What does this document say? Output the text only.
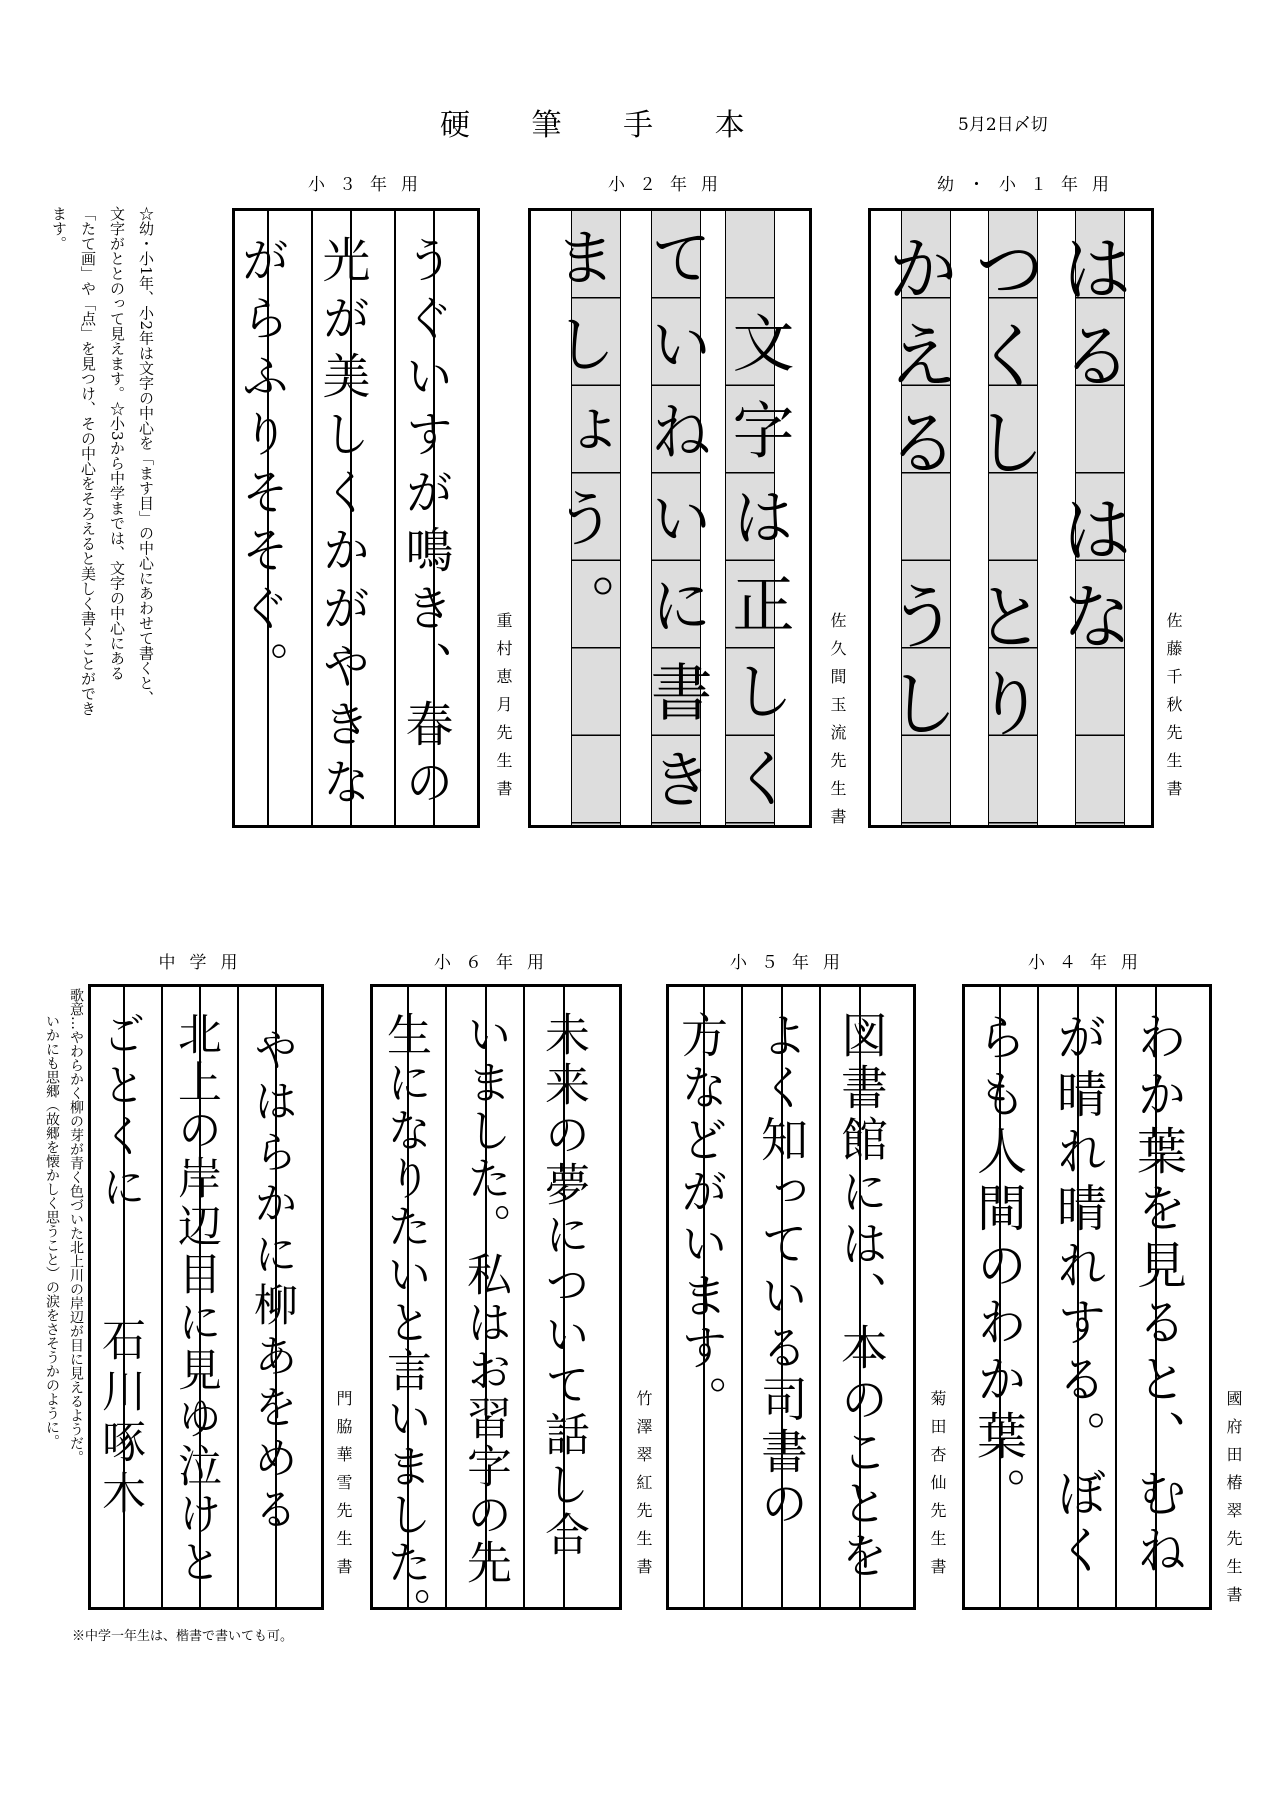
硬 筆 手 本	5月2日〆切
☆幼・小1年、小2年は文字の中心を「ます目」の中心にあわせて書くと、
文字がととのって見えます。☆小3から中学までは、文字の中心にある
「たて画」や「点」を見つけ、その中心をそろえると美しく書くことができ
ます。
幼・小１年用
はる　はな
つくし　とり
かえる　うし	佐藤千秋先生書
小２年用
文字は正しく
ていねいに書き
ましょう。
佐久間玉流先生書
小３年用
うぐいすが鳴き、春の
光が美しくかがやきな
がらふりそそぐ。
重村恵月先生書
小４年用
わか葉を見ると、むね
が晴れ晴れする。ぼく
らも人間のわか葉。	國府田椿翠先生書
小５年用
図書館には、本のことを
よく知っている司書の
方などがいます。
菊田杏仙先生書
小６年用
未来の夢について話し合
いました。私はお習字の先
生になりたいと言いました。	竹澤翠紅先生書
中学用
やはらかに柳あをめる
北上の岸辺目に見ゆ泣けと
ごとくに　　石川啄木	門脇華雪先生書
歌意…やわらかく柳の芽が青く色づいた北上川の岸辺が目に見えるようだ。
いかにも思郷（故郷を懐かしく思うこと）の涙をさそうかのように。
※中学一年生は、楷書で書いても可。
